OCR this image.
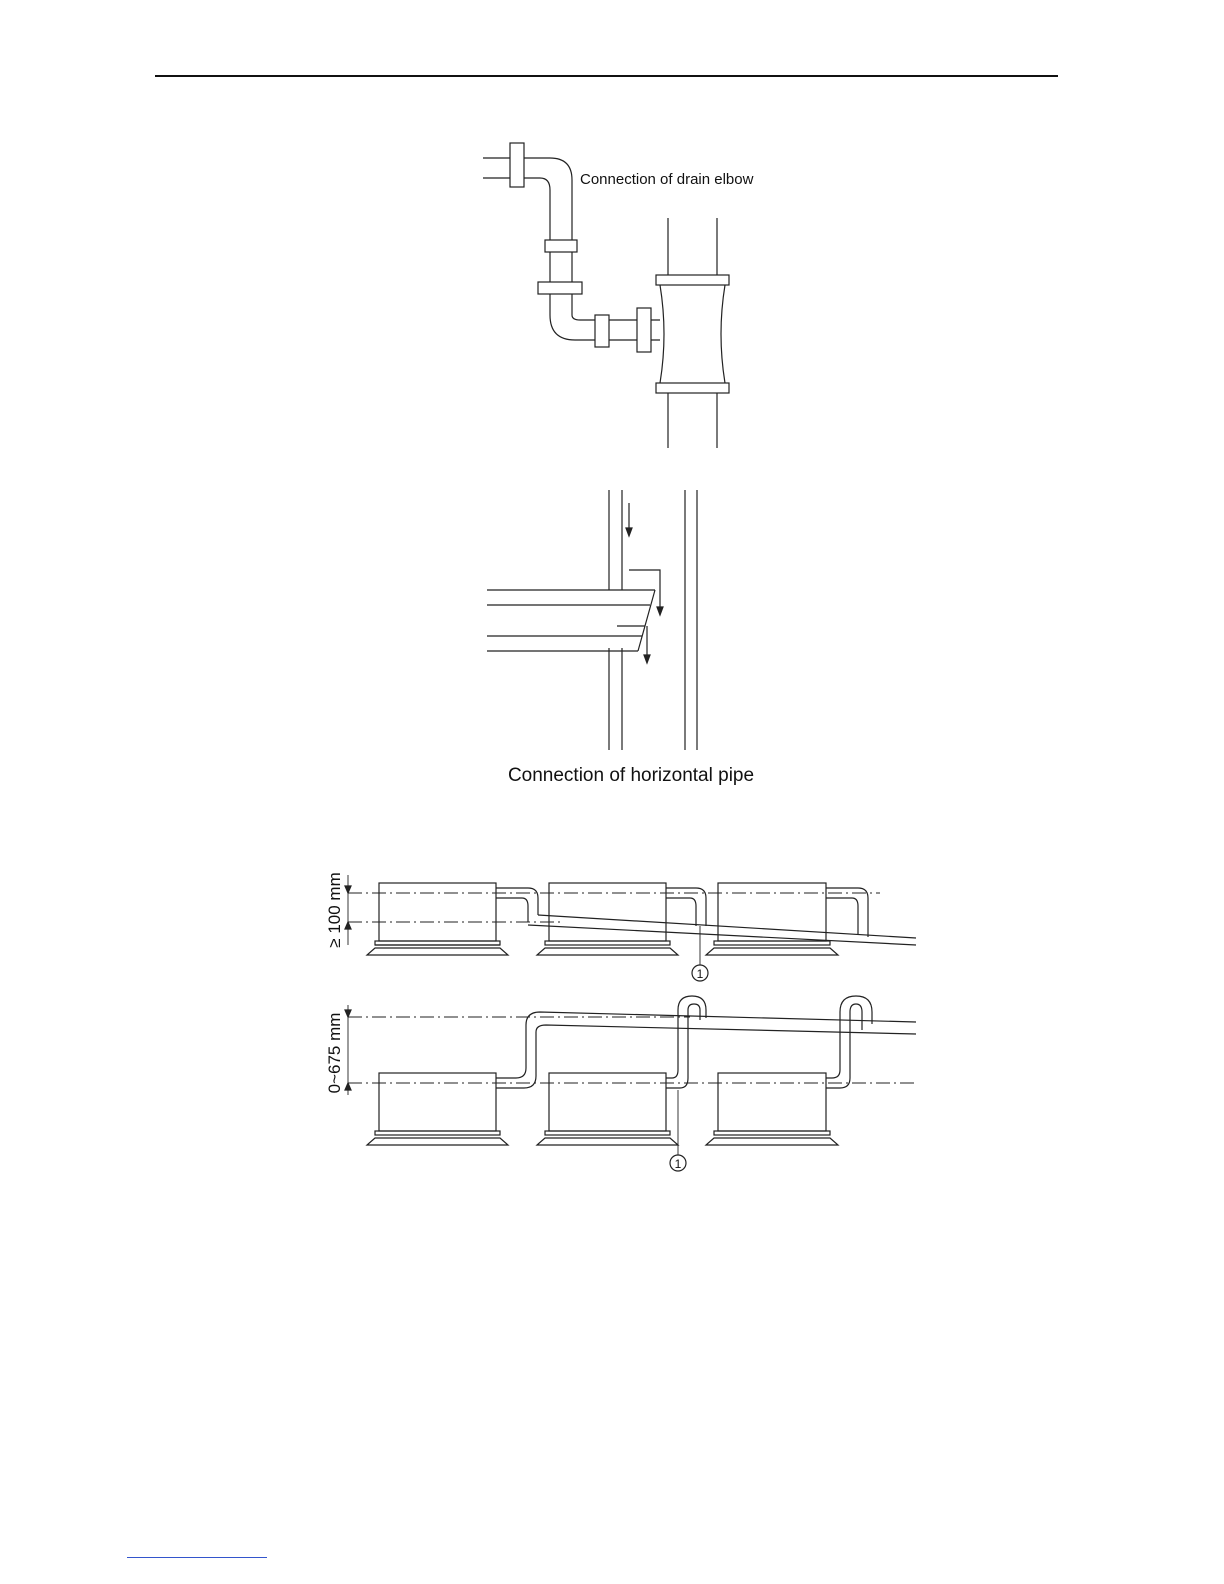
Connection of drain elbow
Connection of horizontal pipe
1
1
≥ 100 mm
0~675 mm
